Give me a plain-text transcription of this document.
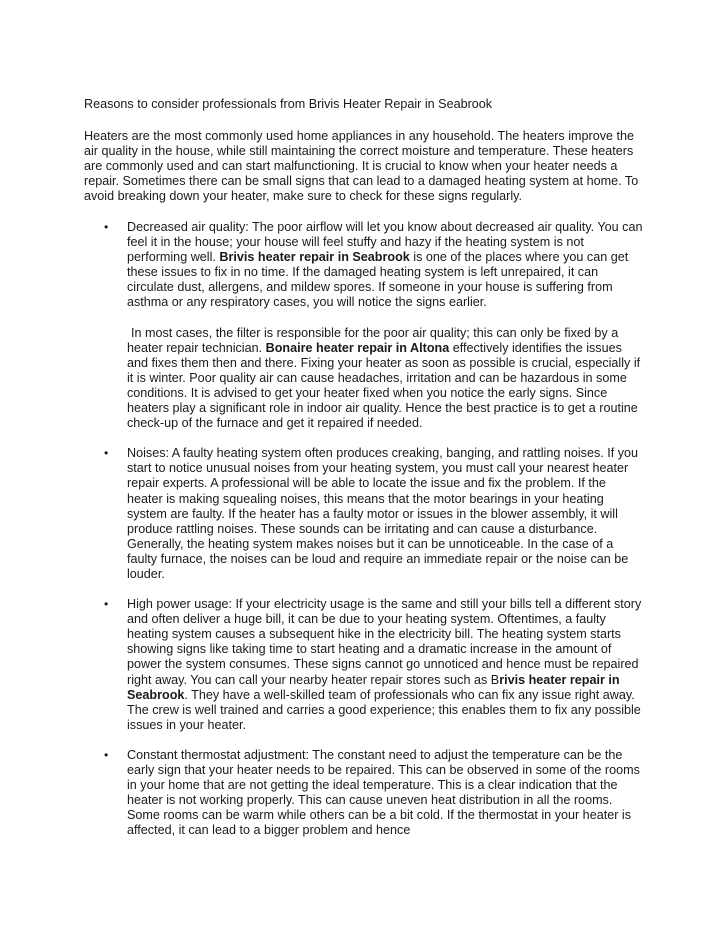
Reasons to consider professionals from Brivis Heater Repair in Seabrook
Heaters are the most commonly used home appliances in any household. The heaters improve the air quality in the house, while still maintaining the correct moisture and temperature. These heaters are commonly used and can start malfunctioning. It is crucial to know when your heater needs a repair. Sometimes there can be small signs that can lead to a damaged heating system at home. To avoid breaking down your heater, make sure to check for these signs regularly.
• Decreased air quality: The poor airflow will let you know about decreased air quality. You can feel it in the house; your house will feel stuffy and hazy if the heating system is not performing well. Brivis heater repair in Seabrook is one of the places where you can get these issues to fix in no time. If the damaged heating system is left unrepaired, it can circulate dust, allergens, and mildew spores. If someone in your house is suffering from asthma or any respiratory cases, you will notice the signs earlier.

In most cases, the filter is responsible for the poor air quality; this can only be fixed by a heater repair technician. Bonaire heater repair in Altona effectively identifies the issues and fixes them then and there. Fixing your heater as soon as possible is crucial, especially if it is winter. Poor quality air can cause headaches, irritation and can be hazardous in some conditions. It is advised to get your heater fixed when you notice the early signs. Since heaters play a significant role in indoor air quality. Hence the best practice is to get a routine check-up of the furnace and get it repaired if needed.

• Noises: A faulty heating system often produces creaking, banging, and rattling noises. If you start to notice unusual noises from your heating system, you must call your nearest heater repair experts. A professional will be able to locate the issue and fix the problem. If the heater is making squealing noises, this means that the motor bearings in your heating system are faulty. If the heater has a faulty motor or issues in the blower assembly, it will produce rattling noises. These sounds can be irritating and can cause a disturbance. Generally, the heating system makes noises but it can be unnoticeable. In the case of a faulty furnace, the noises can be loud and require an immediate repair or the noise can be louder.

• High power usage: If your electricity usage is the same and still your bills tell a different story and often deliver a huge bill, it can be due to your heating system. Oftentimes, a faulty heating system causes a subsequent hike in the electricity bill. The heating system starts showing signs like taking time to start heating and a dramatic increase in the amount of power the system consumes. These signs cannot go unnoticed and hence must be repaired right away. You can call your nearby heater repair stores such as Brivis heater repair in Seabrook. They have a well-skilled team of professionals who can fix any issue right away. The crew is well trained and carries a good experience; this enables them to fix any possible issues in your heater.

• Constant thermostat adjustment: The constant need to adjust the temperature can be the early sign that your heater needs to be repaired. This can be observed in some of the rooms in your home that are not getting the ideal temperature. This is a clear indication that the heater is not working properly. This can cause uneven heat distribution in all the rooms. Some rooms can be warm while others can be a bit cold. If the thermostat in your heater is affected, it can lead to a bigger problem and hence
